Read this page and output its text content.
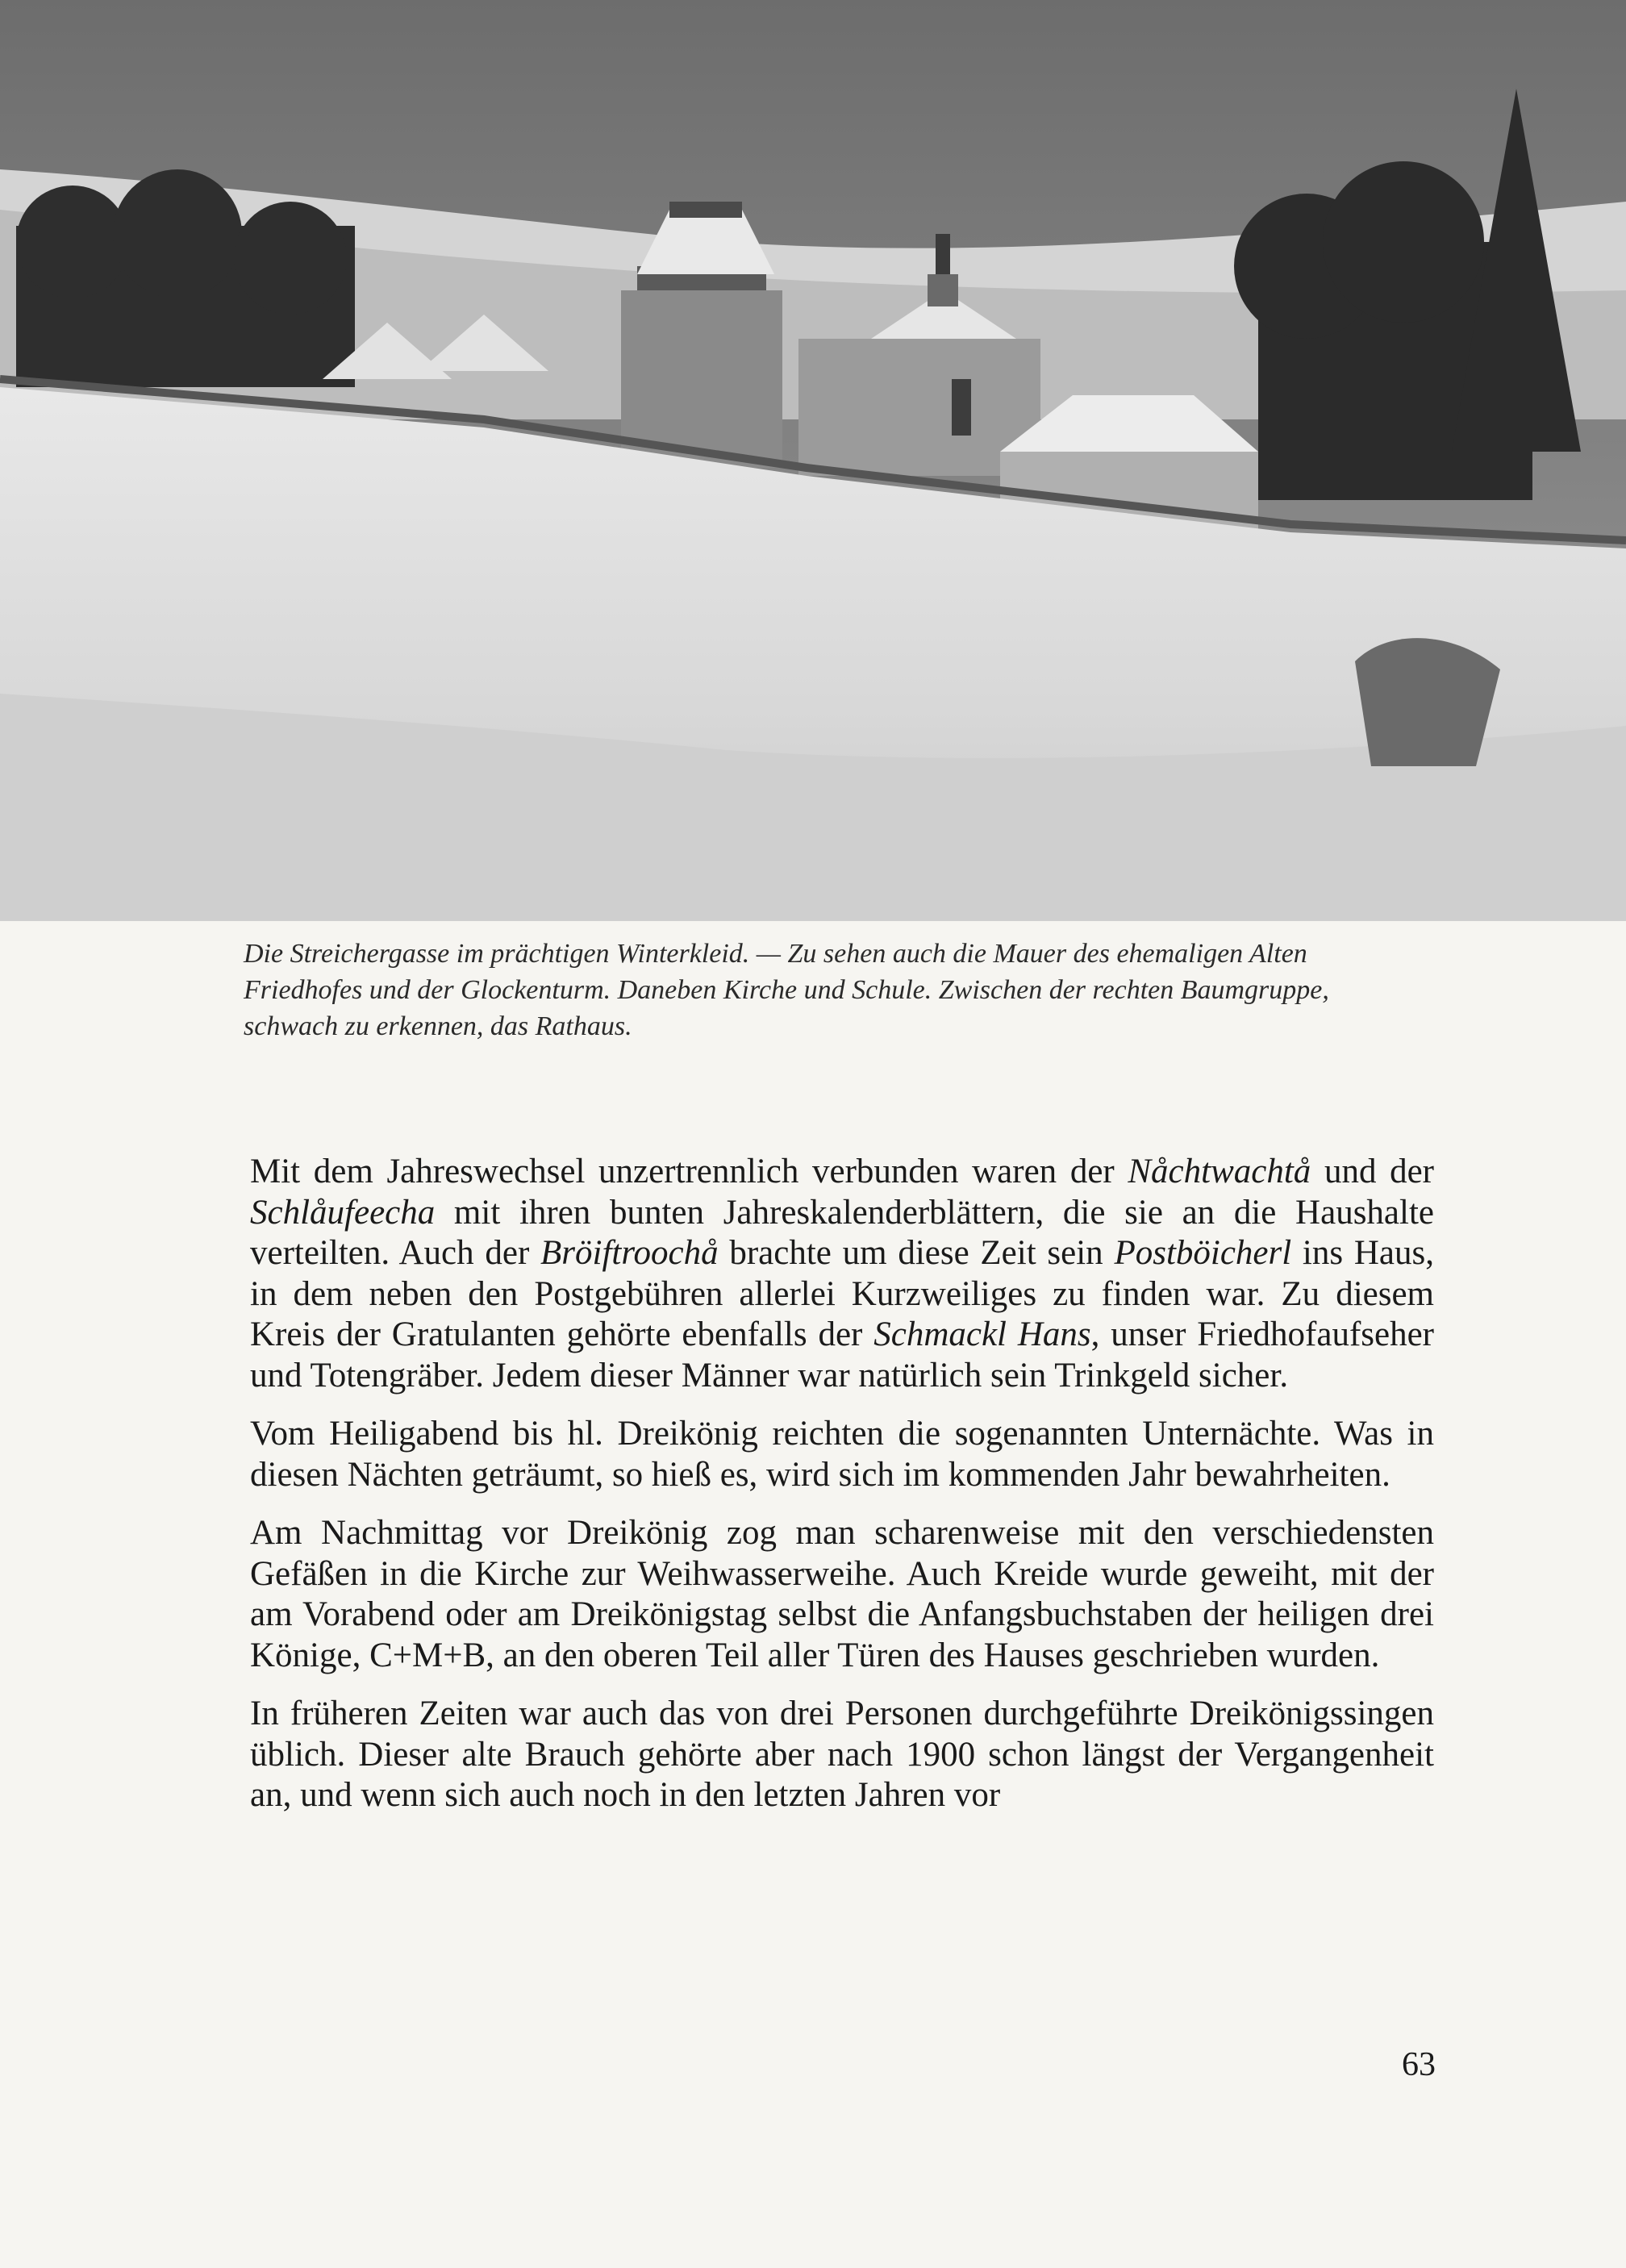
Die Streichergasse im prächtigen Winterkleid. — Zu sehen auch die Mauer des ehemaligen Alten

Friedhofes und der Glockenturm. Daneben Kirche und Schule. Zwischen der rechten Baumgruppe,

schwach zu erkennen, das Rathaus.

Mit dem Jahreswechsel unzertrennlich verbunden waren der Nåchtwachtå und der Schlåufeecha mit ihren bunten Jahreskalenderblättern, die sie an die Haushalte verteilten. Auch der Bröiftroochå brachte um diese Zeit sein Postböicherl ins Haus, in dem neben den Postgebühren allerlei Kurzweiliges zu finden war. Zu diesem Kreis der Gratulanten gehörte ebenfalls der Schmackl Hans, unser Friedhofaufseher und Totengräber. Jedem dieser Männer war natürlich sein Trinkgeld sicher.

Vom Heiligabend bis hl. Dreikönig reichten die sogenannten Unternächte. Was in diesen Nächten geträumt, so hieß es, wird sich im kommenden Jahr bewahrheiten.

Am Nachmittag vor Dreikönig zog man scharenweise mit den verschiedensten Gefäßen in die Kirche zur Weihwasserweihe. Auch Kreide wurde geweiht, mit der am Vorabend oder am Dreikönigstag selbst die Anfangsbuchstaben der heiligen drei Könige, C+M+B, an den oberen Teil aller Türen des Hauses geschrieben wurden.

In früheren Zeiten war auch das von drei Personen durchgeführte Dreikönigssingen üblich. Dieser alte Brauch gehörte aber nach 1900 schon längst der Vergangenheit an, und wenn sich auch noch in den letzten Jahren vor

63
